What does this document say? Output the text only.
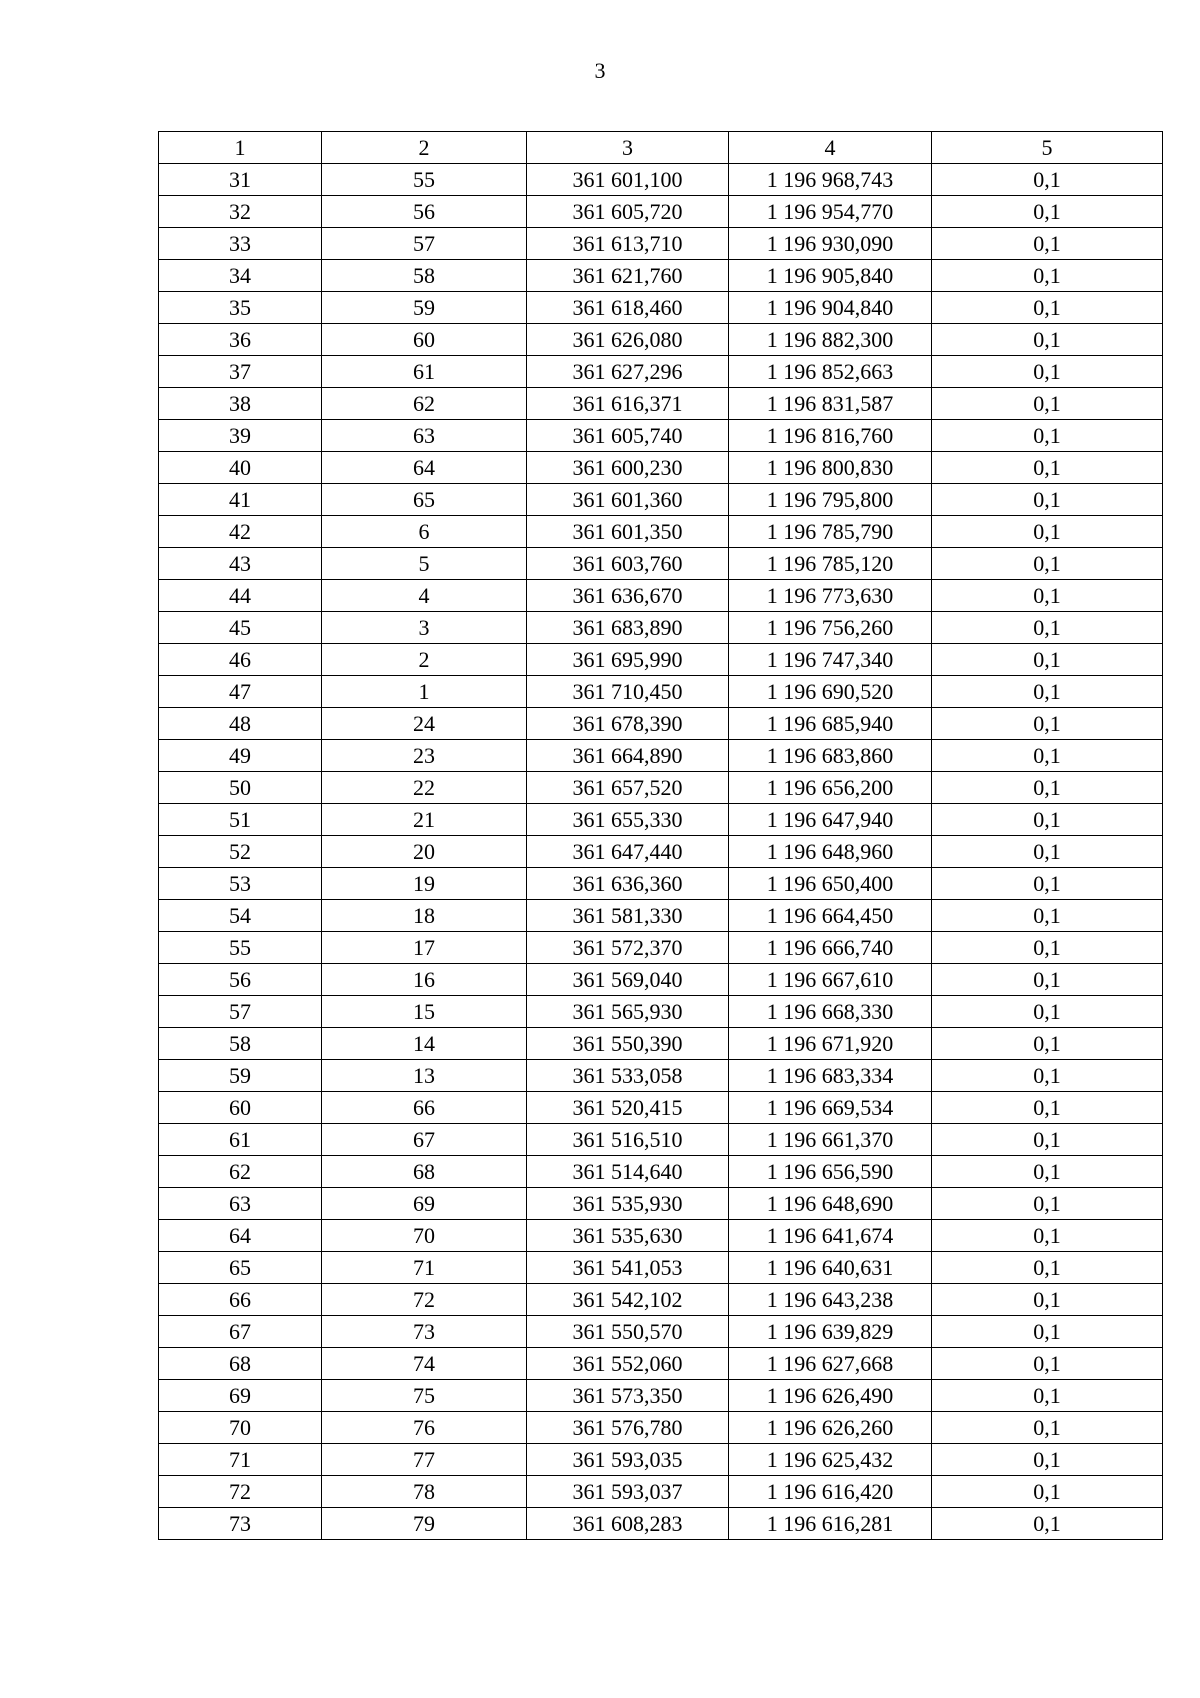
3
1	2	3	4	5
31	55	361 601,100	1 196 968,743	0,1
32	56	361 605,720	1 196 954,770	0,1
33	57	361 613,710	1 196 930,090	0,1
34	58	361 621,760	1 196 905,840	0,1
35	59	361 618,460	1 196 904,840	0,1
36	60	361 626,080	1 196 882,300	0,1
37	61	361 627,296	1 196 852,663	0,1
38	62	361 616,371	1 196 831,587	0,1
39	63	361 605,740	1 196 816,760	0,1
40	64	361 600,230	1 196 800,830	0,1
41	65	361 601,360	1 196 795,800	0,1
42	6	361 601,350	1 196 785,790	0,1
43	5	361 603,760	1 196 785,120	0,1
44	4	361 636,670	1 196 773,630	0,1
45	3	361 683,890	1 196 756,260	0,1
46	2	361 695,990	1 196 747,340	0,1
47	1	361 710,450	1 196 690,520	0,1
48	24	361 678,390	1 196 685,940	0,1
49	23	361 664,890	1 196 683,860	0,1
50	22	361 657,520	1 196 656,200	0,1
51	21	361 655,330	1 196 647,940	0,1
52	20	361 647,440	1 196 648,960	0,1
53	19	361 636,360	1 196 650,400	0,1
54	18	361 581,330	1 196 664,450	0,1
55	17	361 572,370	1 196 666,740	0,1
56	16	361 569,040	1 196 667,610	0,1
57	15	361 565,930	1 196 668,330	0,1
58	14	361 550,390	1 196 671,920	0,1
59	13	361 533,058	1 196 683,334	0,1
60	66	361 520,415	1 196 669,534	0,1
61	67	361 516,510	1 196 661,370	0,1
62	68	361 514,640	1 196 656,590	0,1
63	69	361 535,930	1 196 648,690	0,1
64	70	361 535,630	1 196 641,674	0,1
65	71	361 541,053	1 196 640,631	0,1
66	72	361 542,102	1 196 643,238	0,1
67	73	361 550,570	1 196 639,829	0,1
68	74	361 552,060	1 196 627,668	0,1
69	75	361 573,350	1 196 626,490	0,1
70	76	361 576,780	1 196 626,260	0,1
71	77	361 593,035	1 196 625,432	0,1
72	78	361 593,037	1 196 616,420	0,1
73	79	361 608,283	1 196 616,281	0,1
